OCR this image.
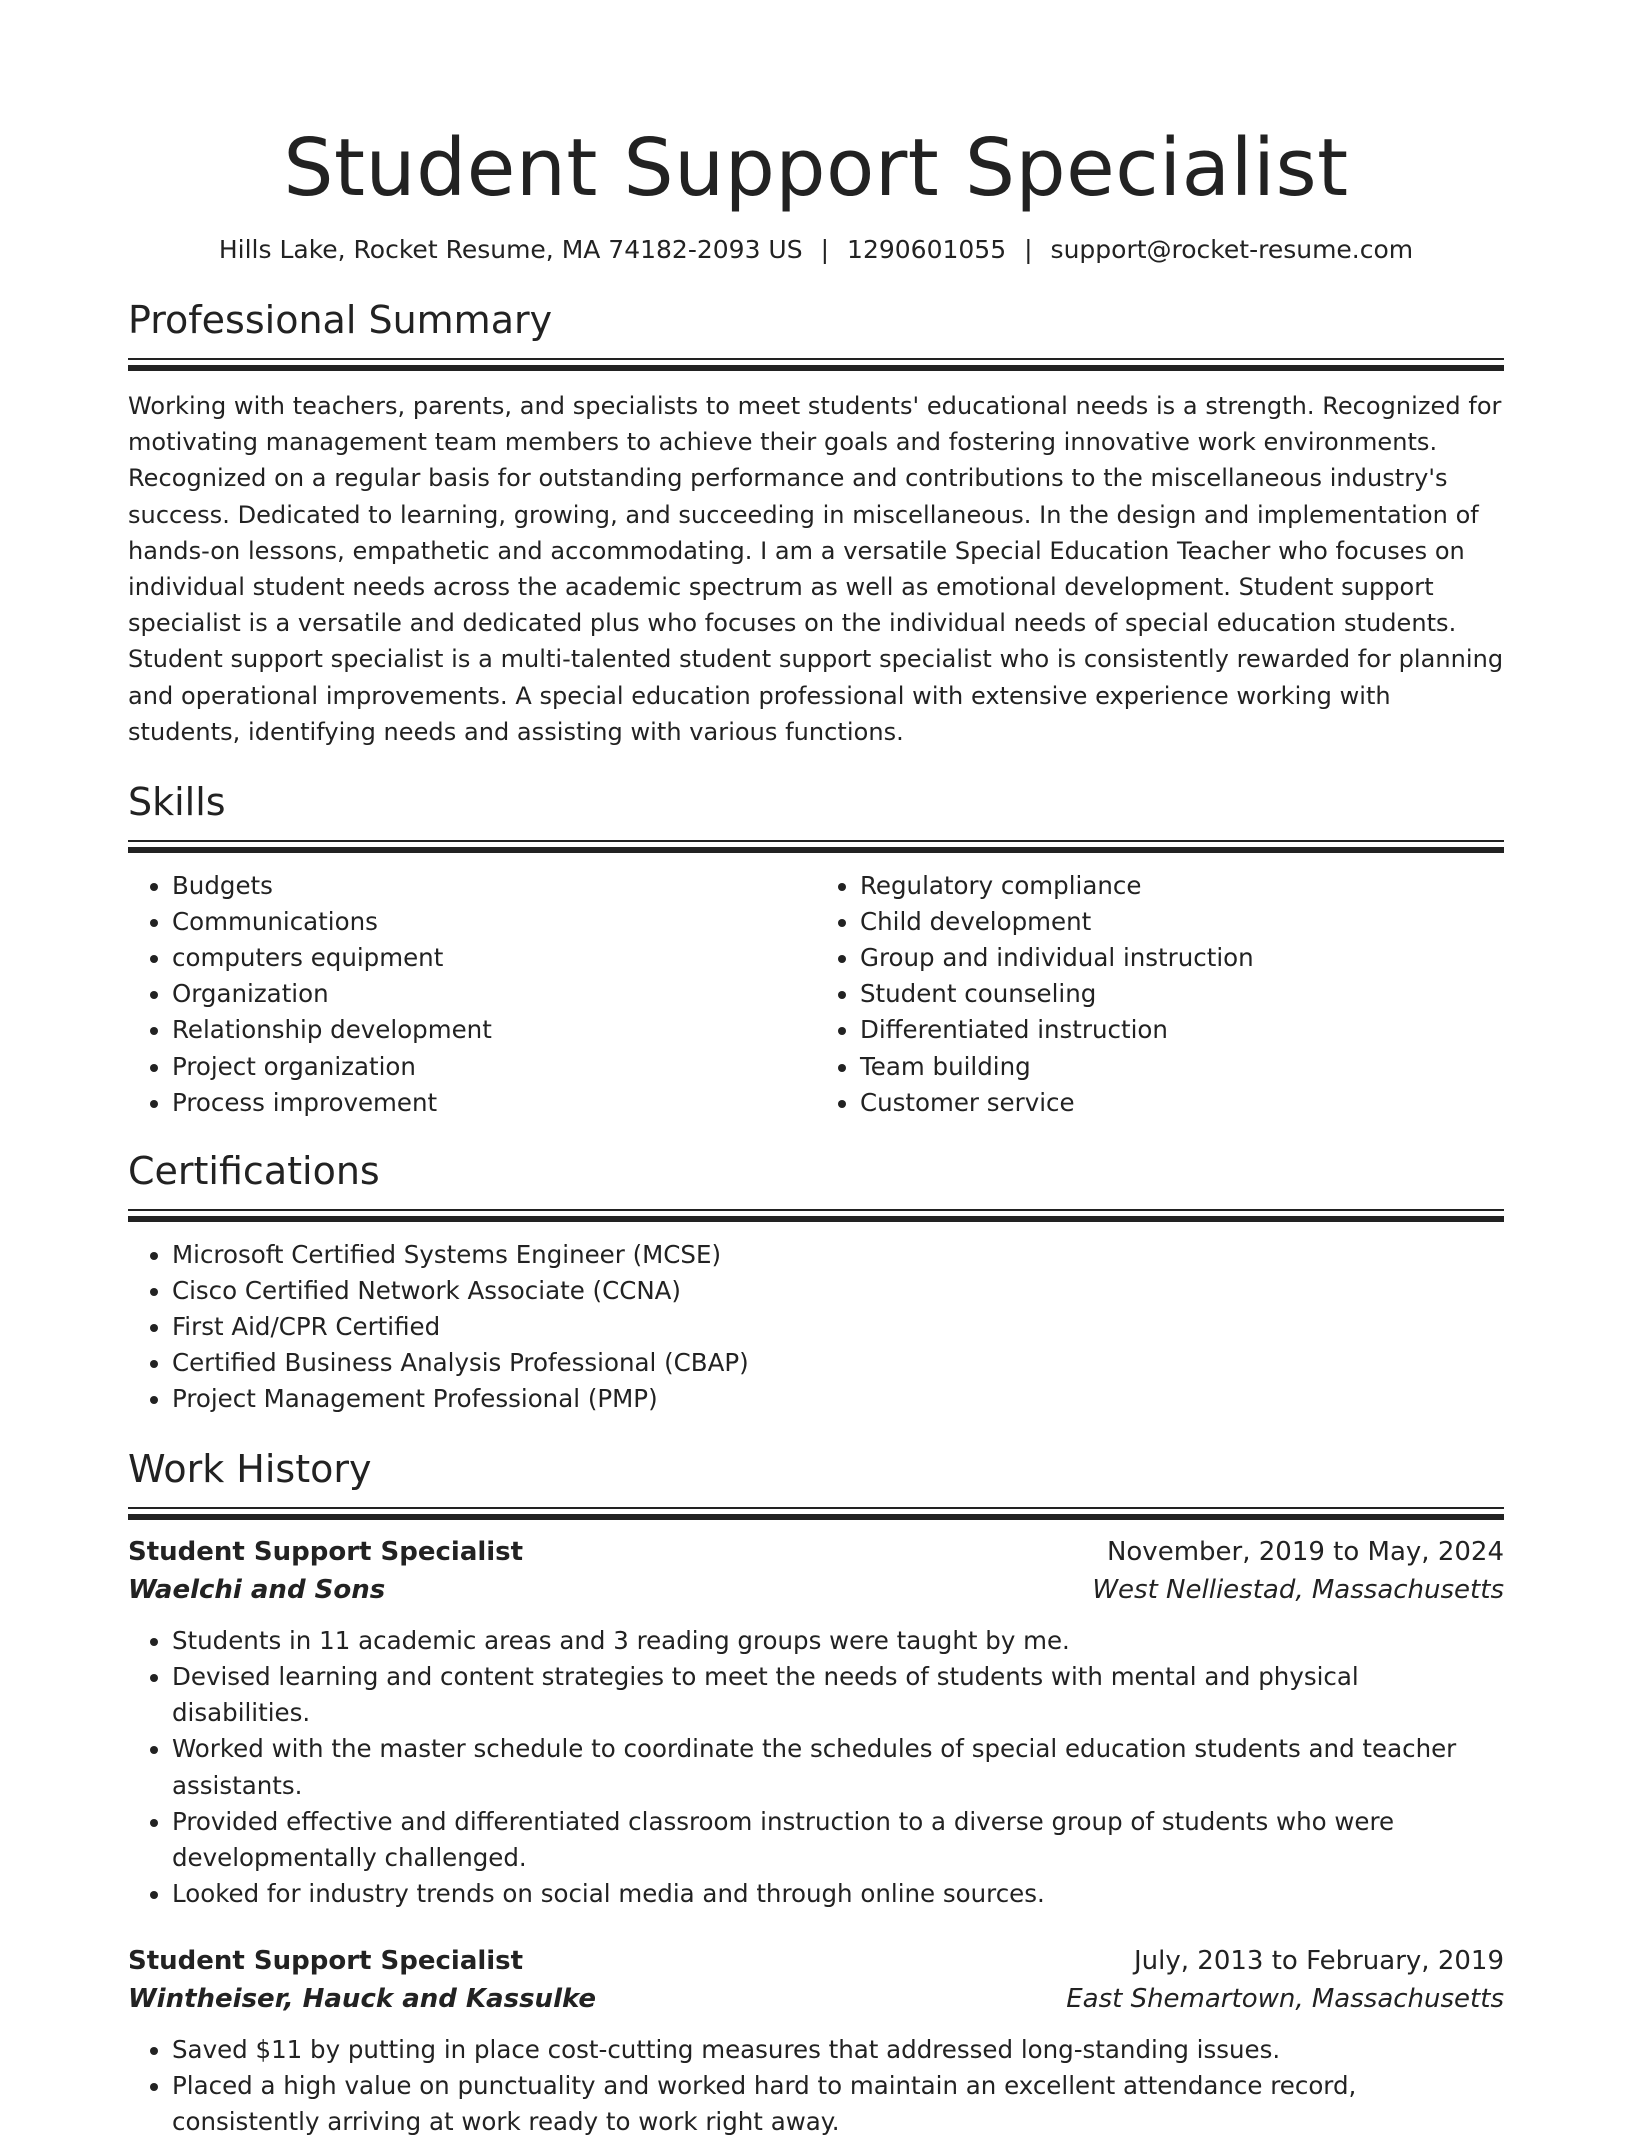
Student Support Specialist
Hills Lake, Rocket Resume, MA 74182-2093 US | 1290601055 | support@rocket-resume.com
Professional Summary

Working with teachers, parents, and specialists to meet students' educational needs is a strength. Recognized for motivating management team members to achieve their goals and fostering innovative work environments. Recognized on a regular basis for outstanding performance and contributions to the miscellaneous industry's success. Dedicated to learning, growing, and succeeding in miscellaneous. In the design and implementation of hands-on lessons, empathetic and accommodating. I am a versatile Special Education Teacher who focuses on individual student needs across the academic spectrum as well as emotional development. Student support specialist is a versatile and dedicated plus who focuses on the individual needs of special education students. Student support specialist is a multi-talented student support specialist who is consistently rewarded for planning and operational improvements. A special education professional with extensive experience working with students, identifying needs and assisting with various functions.

Skills
• Budgets
• Communications
• computers equipment
• Organization
• Relationship development
• Project organization
• Process improvement
• Regulatory compliance
• Child development
• Group and individual instruction
• Student counseling
• Differentiated instruction
• Team building
• Customer service
Certifications
• Microsoft Certified Systems Engineer (MCSE)
• Cisco Certified Network Associate (CCNA)
• First Aid/CPR Certified
• Certified Business Analysis Professional (CBAP)
• Project Management Professional (PMP)
Work History
Student Support Specialist	November, 2019 to May, 2024
Waelchi and Sons	West Nelliestad, Massachusetts
• Students in 11 academic areas and 3 reading groups were taught by me.
• Devised learning and content strategies to meet the needs of students with mental and physical disabilities.
• Worked with the master schedule to coordinate the schedules of special education students and teacher assistants.
• Provided effective and differentiated classroom instruction to a diverse group of students who were developmentally challenged.
• Looked for industry trends on social media and through online sources.
Student Support Specialist	July, 2013 to February, 2019
Wintheiser, Hauck and Kassulke	East Shemartown, Massachusetts
• Saved $11 by putting in place cost-cutting measures that addressed long-standing issues.
• Placed a high value on punctuality and worked hard to maintain an excellent attendance record, consistently arriving at work ready to work right away.
